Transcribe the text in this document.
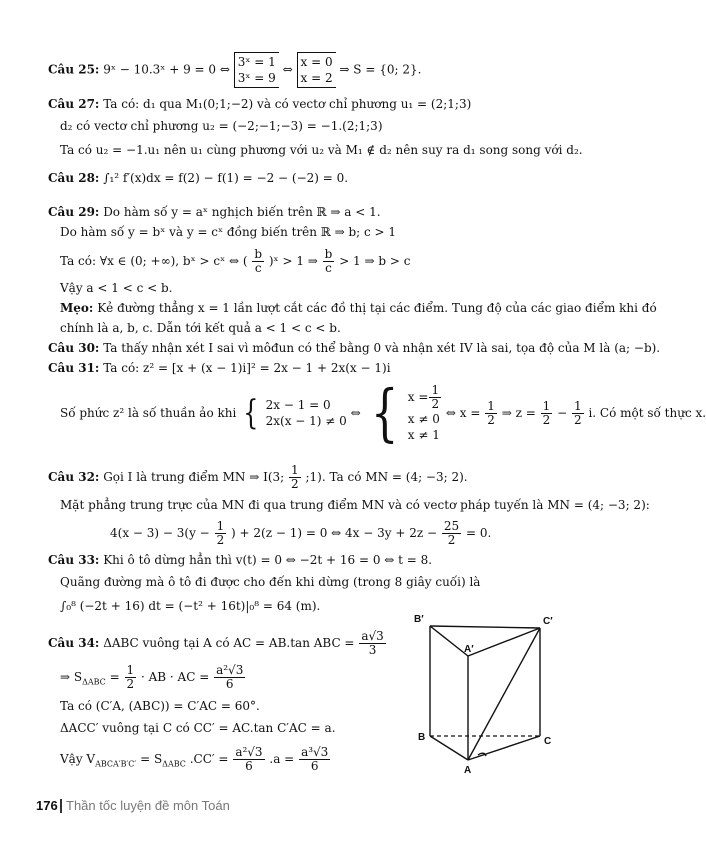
Câu 25: 9ˣ − 10.3ˣ + 9 = 0 ⇔ 3ˣ = 1
3ˣ = 9 ⇔ x = 0
x = 2 ⇒ S = {0; 2}.
Câu 27: Ta có: d₁ qua M₁(0;1;−2) và có vectơ chỉ phương u₁ = (2;1;3)
d₂ có vectơ chỉ phương u₂ = (−2;−1;−3) = −1.(2;1;3)
Ta có u₂ = −1.u₁ nên u₁ cùng phương với u₂ và M₁ ∉ d₂ nên suy ra d₁ song song với d₂.
Câu 28: ∫₁² f′(x)dx = f(2) − f(1) = −2 − (−2) = 0.
Câu 29: Do hàm số y = aˣ nghịch biến trên ℝ ⇒ a < 1.
Do hàm số y = bˣ và y = cˣ đồng biến trên ℝ ⇒ b; c > 1
Ta có: ∀x ∈ (0; +∞), bˣ > cˣ ⇔ ( $\frac{b}{c}$ )ˣ > 1 ⇒ $\frac{b}{c} > 1$ ⇒ b > c
Vậy a < 1 < c < b.
Mẹo: Kẻ đường thẳng x = 1 lần lượt cắt các đồ thị tại các điểm. Tung độ của các giao điểm khi đó
chính là a, b, c. Dẫn tới kết quả a < 1 < c < b.
Câu 30: Ta thấy nhận xét I sai vì môđun có thể bằng 0 và nhận xét IV là sai, tọa độ của M là (a; −b).
Câu 31: Ta có: z² = [x + (x − 1)i]² = 2x − 1 + 2x(x − 1)i
Số phức z² là số thuần ảo khi { 2x − 1 = 0
2x(x − 1) ≠ 0 ⇔ { $x = \frac{1}{2}$

x ≠ 0
x ≠ 1 ⇔ $x = \frac{1}{2}$ ⇒ $z = \frac{1}{2} - \frac{1}{2} i$. Có một số thực x.
Câu 32: Gọi I là trung điểm MN ⇒ I(3; $\frac{1}{2}$ ;1). Ta có MN = (4; −3; 2).
Mặt phẳng trung trực của MN đi qua trung điểm MN và có vectơ pháp tuyến là MN = (4; −3; 2):
$4(x - 3) - 3(y - \frac{1}{2}$ ) + 2(z − 1) = 0 ⇔ $4x - 3y + 2z - \frac{25}{2} = 0$.
Câu 33: Khi ô tô dừng hẳn thì v(t) = 0 ⇔ −2t + 16 = 0 ⇔ t = 8.
Quãng đường mà ô tô đi được cho đến khi dừng (trong 8 giây cuối) là
∫₀⁸ (−2t + 16) dt = (−t² + 16t)|₀⁸ = 64 (m).
Câu 34: ΔABC vuông tại A có AC = AB.tan ABC = $\frac{a√3}{3}$
⇒ $S_{\Delta ABC} = \frac{1}{2}$ · AB · AC = $\frac{\text{a²√3}}{6}$
Ta có (C′A, (ABC)) = C′AC = 60°.
ΔACC′ vuông tại C có CC′ = AC.tan C′AC = a.
Vậy $V_{ABCA'B'C'} = S_{\Delta ABC}$ $.CC' = \frac{\text{a²√3}}{6} .a = \frac{\text{a³√3}}{6}$
B′	C′
A′
B	C
A
176 Thần tốc luyện đề môn Toán
